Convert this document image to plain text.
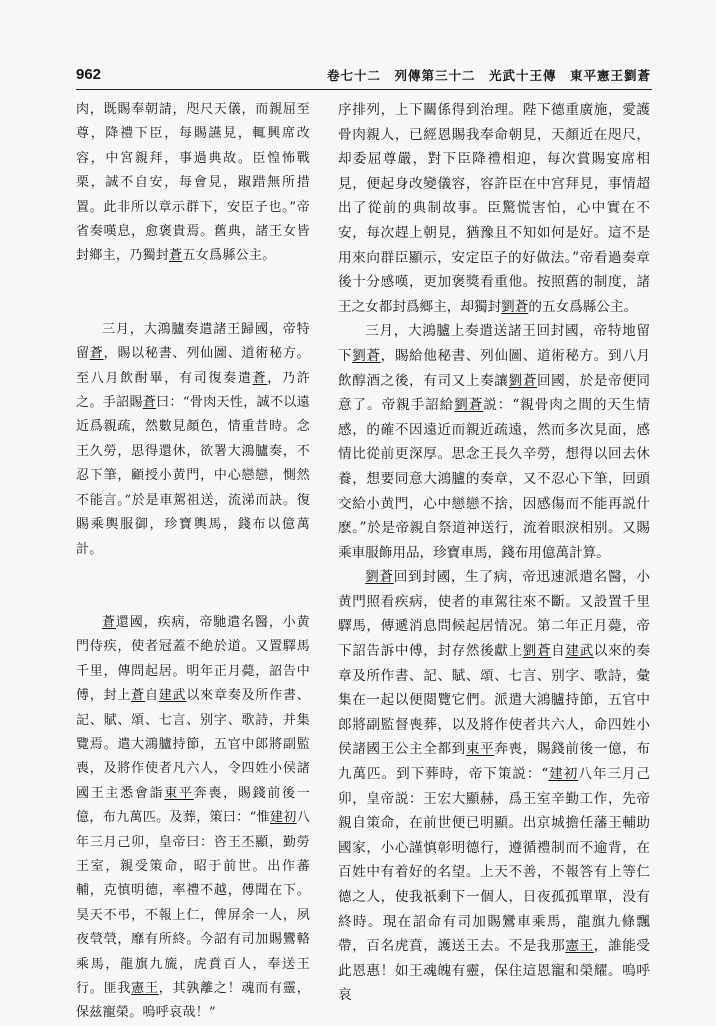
962	卷七十二　列傳第三十二　光武十王傳　東平憲王劉蒼

肉，既賜奉朝請，咫尺天儀，而親屈至尊，降禮下臣，每賜讌見，輒興席改容，中宮親拜，事過典故。臣惶怖戰栗，誠不自安，每會見，踧踖無所措置。此非所以章示群下，安臣子也。”帝省奏嘆息，愈褒貴焉。舊典，諸王女皆封鄉主，乃獨封蒼五女爲縣公主。

三月，大鴻臚奏遣諸王歸國，帝特留蒼，賜以秘書、列仙圖、道術秘方。至八月飲酎畢，有司復奏遣蒼，乃許之。手詔賜蒼曰：“骨肉天性，誠不以遠近爲親疏，然數見顏色，情重昔時。念王久勞，思得還休，欲署大鴻臚奏，不忍下筆，顧授小黄門，中心戀戀，惻然不能言。”於是車駕祖送，流涕而訣。復賜乘輿服御，珍寶輿馬，錢布以億萬計。

蒼還國，疾病，帝馳遣名醫，小黄門侍疾，使者冠蓋不絶於道。又置驛馬千里，傳問起居。明年正月薨，詔告中傅，封上蒼自建武以來章奏及所作書、記、賦、頌、七言、别字、歌詩，并集覽焉。遣大鴻臚持節，五官中郎將副監喪，及將作使者凡六人，令四姓小侯諸國王主悉會詣東平奔喪，賜錢前後一億，布九萬匹。及葬，策曰：“惟建初八年三月己卯，皇帝曰：咨王丕顯，勤勞王室，親受策命，昭于前世。出作蕃輔，克慎明德，率禮不越，傅聞在下。昊天不弔，不報上仁，俾屏余一人，夙夜煢煢，靡有所終。今詔有司加賜鸞輅乘馬，龍旗九旒，虎賁百人，奉送王行。匪我憲王，其孰離之！魂而有靈，保兹寵榮。嗚呼哀哉！”

序排列，上下關係得到治理。陛下德重廣施，愛護骨肉親人，已經恩賜我奉命朝見，天顏近在咫尺，却委屈尊嚴，對下臣降禮相迎，每次賞賜宴席相見，便起身改變儀容，容許臣在中宫拜見，事情超出了從前的典制故事。臣驚慌害怕，心中實在不安，每次趕上朝見，猶豫且不知如何是好。這不是用來向群臣顯示，安定臣子的好做法。”帝看過奏章後十分感嘆，更加褒獎看重他。按照舊的制度，諸王之女都封爲鄉主，却獨封劉蒼的五女爲縣公主。

三月，大鴻臚上奏遣送諸王回封國，帝特地留下劉蒼，賜給他秘書、列仙圖、道術秘方。到八月飲醇酒之後，有司又上奏讓劉蒼回國，於是帝便同意了。帝親手詔給劉蒼説：“親骨肉之間的天生情感，的確不因遠近而親近疏遠，然而多次見面，感情比從前更深厚。思念王長久辛勞，想得以回去休養，想要同意大鴻臚的奏章，又不忍心下筆，回頭交給小黄門，心中戀戀不捨，因感傷而不能再説什麽。”於是帝親自祭道神送行，流着眼淚相别。又賜乘車服飾用品，珍寶車馬，錢布用億萬計算。

劉蒼回到封國，生了病，帝迅速派遣名醫，小黄門照看疾病，使者的車駕往來不斷。又設置千里驛馬，傳遞消息問候起居情况。第二年正月薨，帝下詔告訴中傅，封存然後獻上劉蒼自建武以來的奏章及所作書、記、賦、頌、七言、别字、歌詩，彙集在一起以便閲覽它們。派遣大鴻臚持節，五官中郎將副監督喪葬，以及將作使者共六人，命四姓小侯諸國王公主全都到東平奔喪，賜錢前後一億，布九萬匹。到下葬時，帝下策説：“建初八年三月己卯，皇帝説：王宏大顯赫，爲王室辛勤工作，先帝親自策命，在前世便已明顯。出京城擔任藩王輔助國家，小心謹慎彰明德行，遵循禮制而不逾背，在百姓中有着好的名望。上天不善，不報答有上等仁德之人，使我祇剩下一個人，日夜孤孤單單，没有終時。現在詔命有司加賜鸞車乘馬，龍旗九條飄帶，百名虎賁，護送王去。不是我那憲王，誰能受此恩惠！如王魂魄有靈，保住這恩寵和榮耀。嗚呼哀
